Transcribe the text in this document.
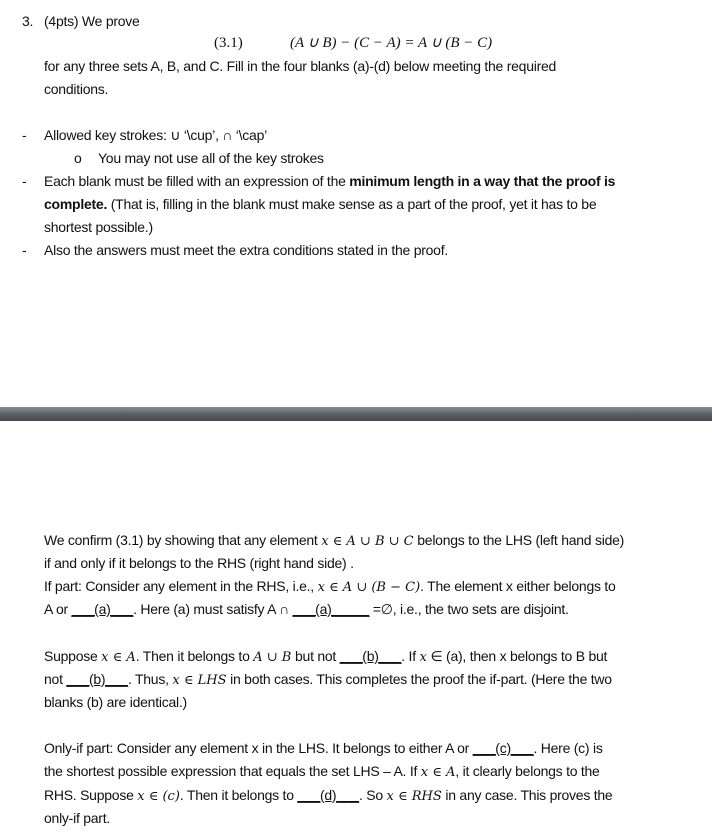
3. (4pts) We prove
(3.1)	(A ∪ B) − (C − A) = A ∪ (B − C)
for any three sets A, B, and C. Fill in the four blanks (a)-(d) below meeting the required
conditions.
Allowed key strokes: ∪ ‘\cup’, ∩ ‘\cap’
-
You may not use all of the key strokes
o
Each blank must be filled with an expression of the minimum length in a way that the proof is
-
complete. (That is, filling in the blank must make sense as a part of the proof, yet it has to be
shortest possible.)
Also the answers must meet the extra conditions stated in the proof.
-
We confirm (3.1) by showing that any element x ∈ A ∪ B ∪ C belongs to the LHS (left hand side)
if and only if it belongs to the RHS (right hand side) .
If part: Consider any element in the RHS, i.e., x ∈ A ∪ (B − C). The element x either belongs to
A or ___(a)___. Here (a) must satisfy A ∩ ___(a)_____ =∅, i.e., the two sets are disjoint.
Suppose x ∈ A. Then it belongs to A ∪ B but not ___(b)___. If x ∈ (a), then x belongs to B but
not ___(b)___. Thus, x ∈ LHS in both cases. This completes the proof the if-part. (Here the two
blanks (b) are identical.)
Only-if part: Consider any element x in the LHS. It belongs to either A or ___(c)___. Here (c) is
the shortest possible expression that equals the set LHS – A. If x ∈ A, it clearly belongs to the
RHS. Suppose x ∈ (c). Then it belongs to ___(d)___. So x ∈ RHS in any case. This proves the
only-if part.
